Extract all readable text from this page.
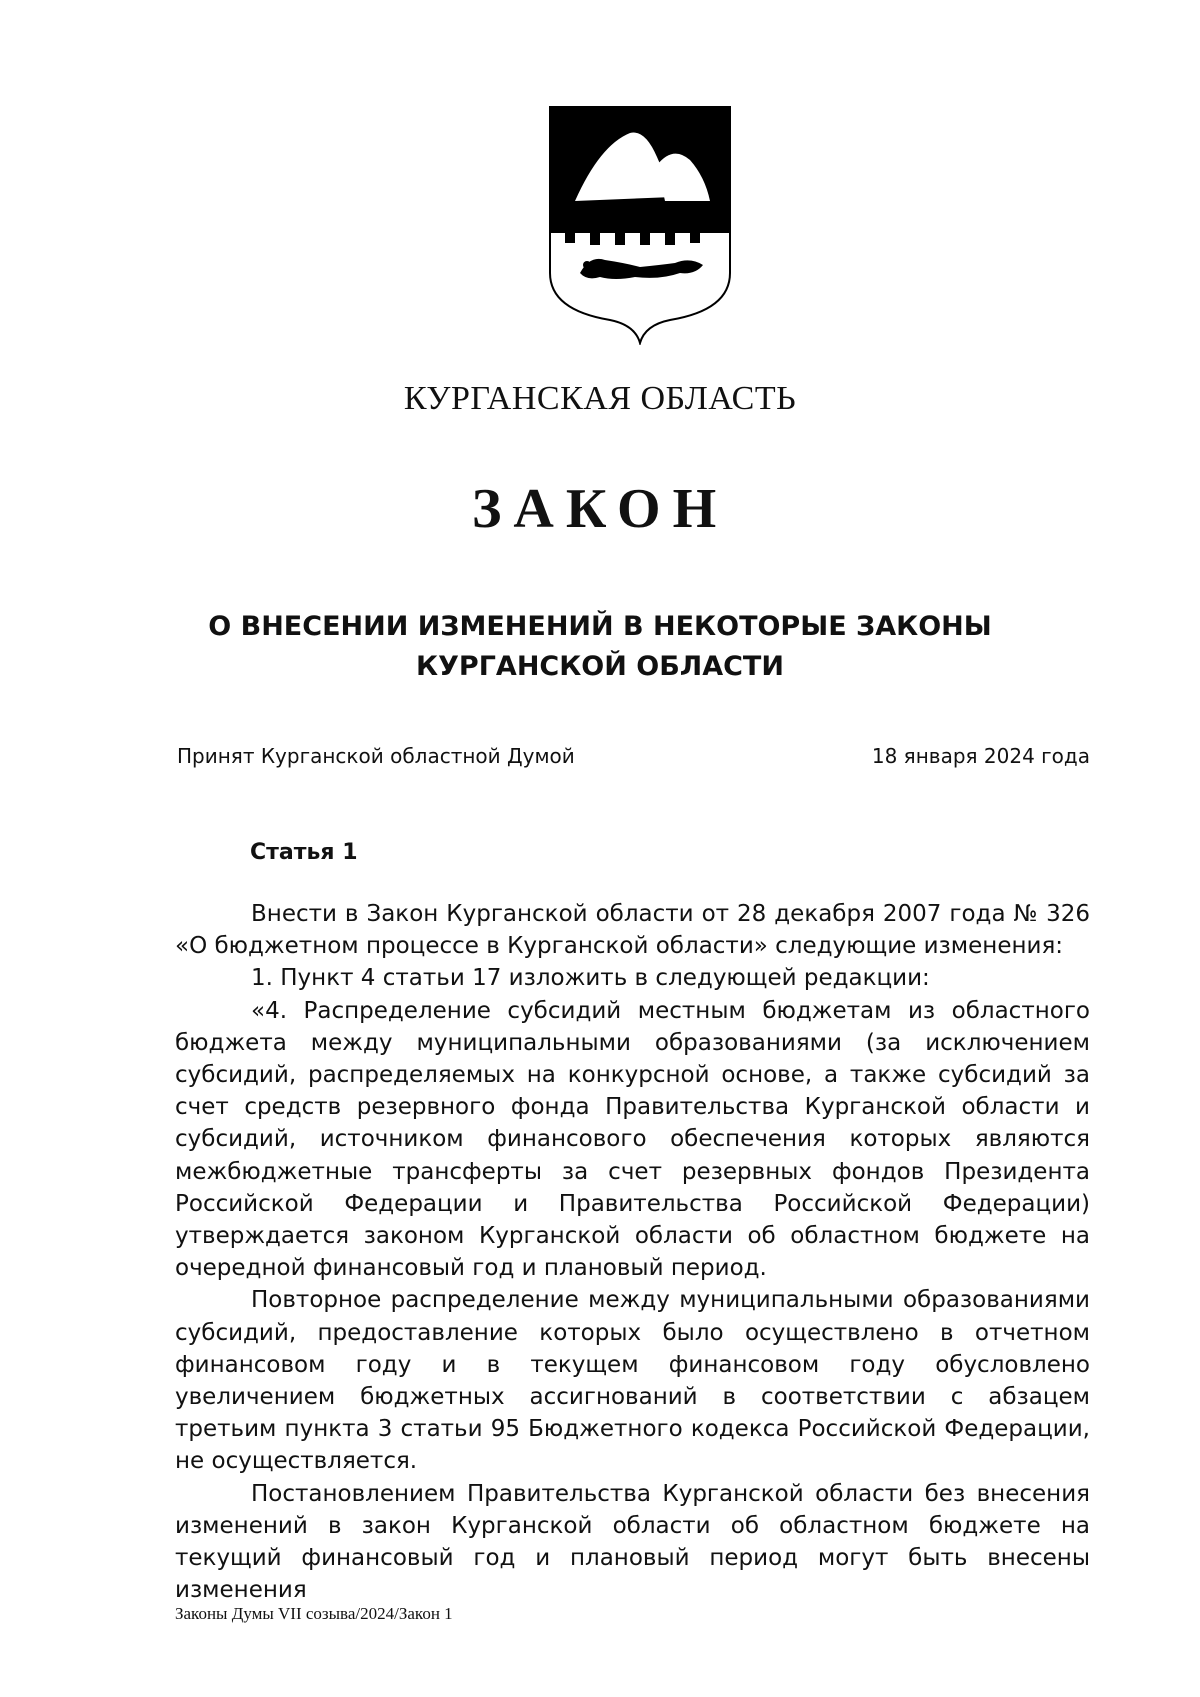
КУРГАНСКАЯ ОБЛАСТЬ
ЗАКОН
О ВНЕСЕНИИ ИЗМЕНЕНИЙ В НЕКОТОРЫЕ ЗАКОНЫ
КУРГАНСКОЙ ОБЛАСТИ
Принят Курганской областной Думой	18 января 2024 года
Статья 1

Внести в Закон Курганской области от 28 декабря 2007 года № 326 «О бюджетном процессе в Курганской области» следующие изменения:

1. Пункт 4 статьи 17 изложить в следующей редакции:

«4. Распределение субсидий местным бюджетам из областного бюджета между муниципальными образованиями (за исключением субсидий, распределяемых на конкурсной основе, а также субсидий за счет средств резервного фонда Правительства Курганской области и субсидий, источником финансового обеспечения которых являются межбюджетные трансферты за счет резервных фондов Президента Российской Федерации и Правительства Российской Федерации) утверждается законом Курганской области об областном бюджете на очередной финансовый год и плановый период.

Повторное распределение между муниципальными образованиями субсидий, предоставление которых было осуществлено в отчетном финансовом году и в текущем финансовом году обусловлено увеличением бюджетных ассигнований в соответствии с абзацем третьим пункта 3 статьи 95 Бюджетного кодекса Российской Федерации, не осуществляется.

Постановлением Правительства Курганской области без внесения изменений в закон Курганской области об областном бюджете на текущий финансовый год и плановый период могут быть внесены изменения

Законы Думы VII созыва/2024/Закон 1
